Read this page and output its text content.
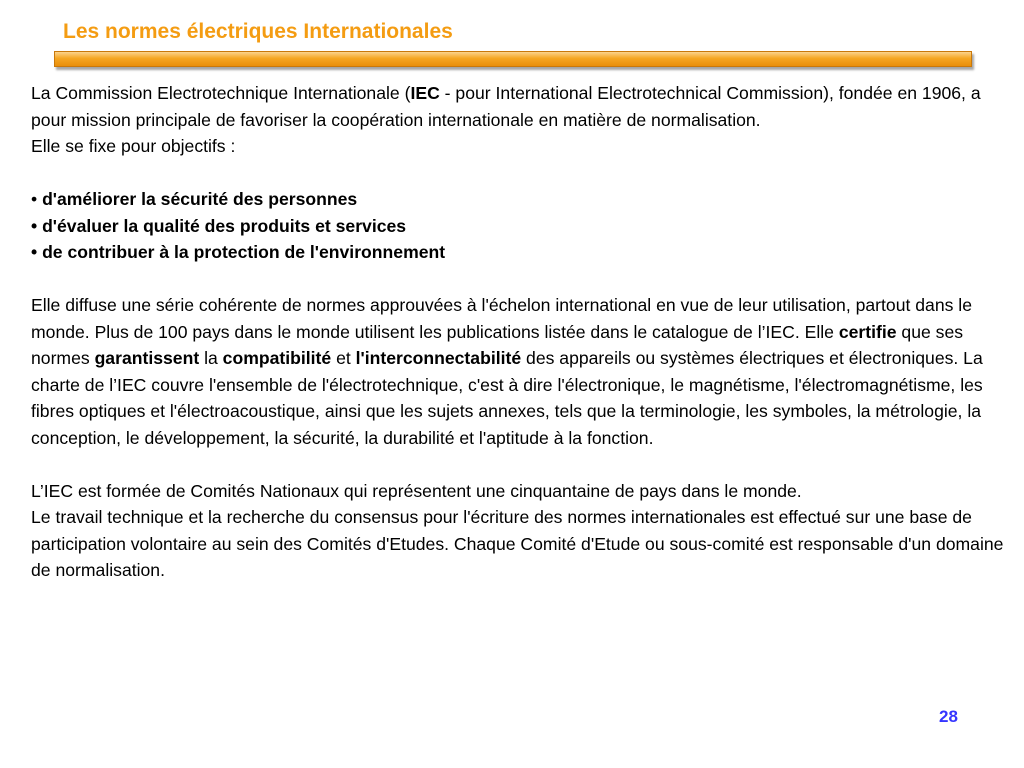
Les normes électriques Internationales

La Commission Electrotechnique Internationale (IEC - pour International Electrotechnical Commission), fondée en 1906, a pour mission principale de favoriser la coopération internationale en matière de normalisation.

Elle se fixe pour objectifs :

• d'améliorer la sécurité des personnes

• d'évaluer la qualité des produits et services

• de contribuer à la protection de l'environnement

Elle diffuse une série cohérente de normes approuvées à l'échelon international en vue de leur utilisation, partout dans le monde. Plus de 100 pays dans le monde utilisent les publications listée dans le catalogue de l’IEC. Elle certifie que ses normes garantissent la compatibilité et l'interconnectabilité des appareils ou systèmes électriques et électroniques. La charte de l’IEC couvre l'ensemble de l'électrotechnique, c'est à dire l'électronique, le magnétisme, l'électromagnétisme, les fibres optiques et l'électroacoustique, ainsi que les sujets annexes, tels que la terminologie, les symboles, la métrologie, la conception, le développement, la sécurité, la durabilité et l'aptitude à la fonction.

L’IEC est formée de Comités Nationaux qui représentent une cinquantaine de pays dans le monde.

Le travail technique et la recherche du consensus pour l'écriture des normes internationales est effectué sur une base de participation volontaire au sein des Comités d'Etudes. Chaque Comité d'Etude ou sous-comité est responsable d'un domaine de normalisation.

28
